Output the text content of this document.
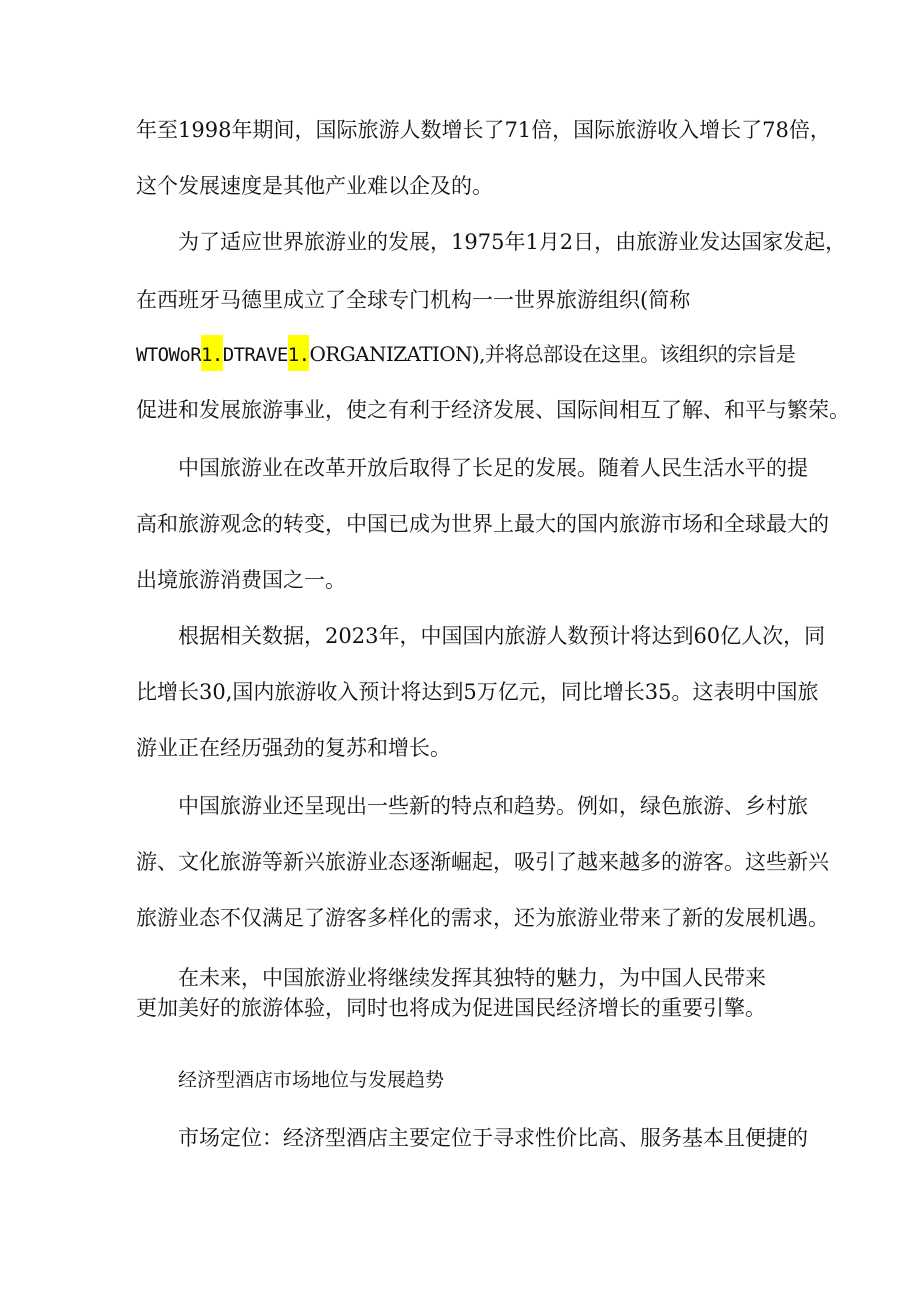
年至1998年期间，国际旅游人数增长了71倍，国际旅游收入增长了78倍，
这个发展速度是其他产业难以企及的。
为了适应世界旅游业的发展，1975年1月2日，由旅游业发达国家发起，
在西班牙马德里成立了全球专门机构一一世界旅游组织(简称
WTOWoR1.DTRAVE1.ORGANIZATION),并将总部设在这里。该组织的宗旨是
促进和发展旅游事业，使之有利于经济发展、国际间相互了解、和平与繁荣。
中国旅游业在改革开放后取得了长足的发展。随着人民生活水平的提
高和旅游观念的转变，中国已成为世界上最大的国内旅游市场和全球最大的
出境旅游消费国之一。
根据相关数据，2023年，中国国内旅游人数预计将达到60亿人次，同
比增长30,国内旅游收入预计将达到5万亿元，同比增长35。这表明中国旅
游业正在经历强劲的复苏和增长。
中国旅游业还呈现出一些新的特点和趋势。例如，绿色旅游、乡村旅
游、文化旅游等新兴旅游业态逐渐崛起，吸引了越来越多的游客。这些新兴
旅游业态不仅满足了游客多样化的需求，还为旅游业带来了新的发展机遇。
在未来，中国旅游业将继续发挥其独特的魅力，为中国人民带来
更加美好的旅游体验，同时也将成为促进国民经济增长的重要引擎。
经济型酒店市场地位与发展趋势
市场定位：经济型酒店主要定位于寻求性价比高、服务基本且便捷的
